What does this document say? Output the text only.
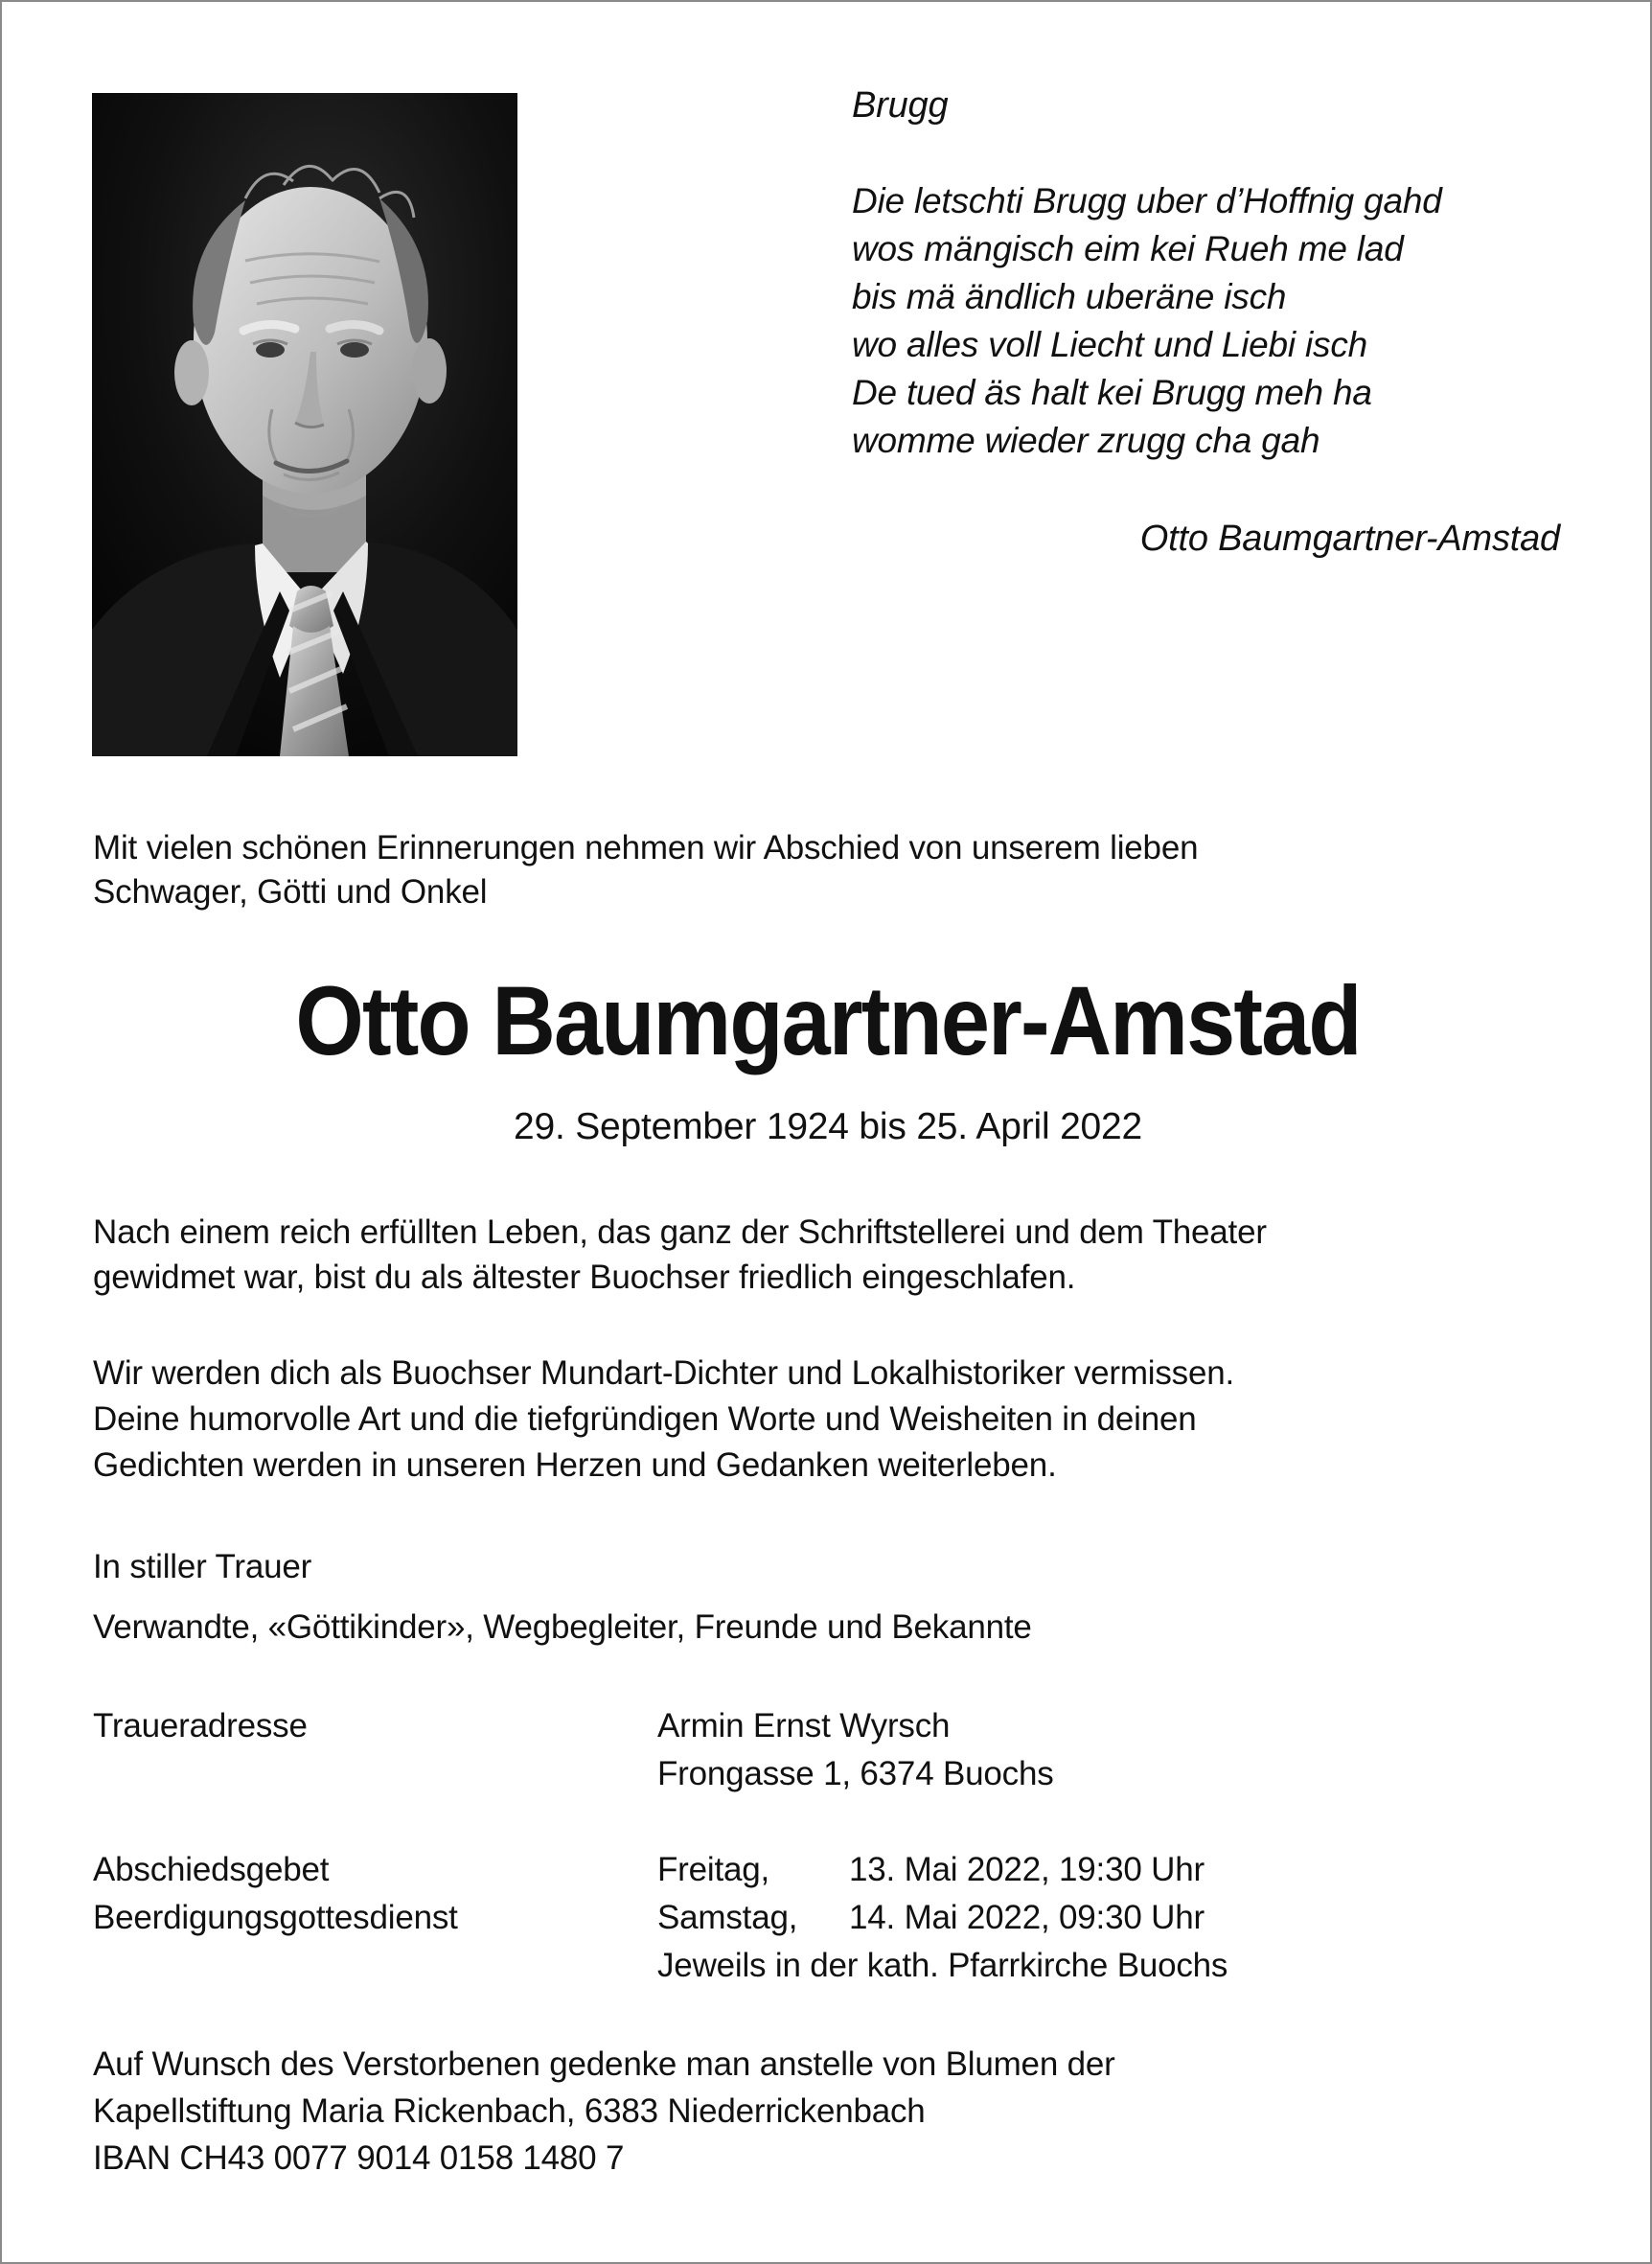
Brugg
Die letschti Brugg uber d’Hoffnig gahd
wos mängisch eim kei Rueh me lad
bis mä ändlich uberäne isch
wo alles voll Liecht und Liebi isch
De tued äs halt kei Brugg meh ha
womme wieder zrugg cha gah
Otto Baumgartner-Amstad
Mit vielen schönen Erinnerungen nehmen wir Abschied von unserem lieben
Schwager, Götti und Onkel
Otto Baumgartner-Amstad
29. September 1924 bis 25. April 2022
Nach einem reich erfüllten Leben, das ganz der Schriftstellerei und dem Theater
gewidmet war, bist du als ältester Buochser friedlich eingeschlafen.
Wir werden dich als Buochser Mundart-Dichter und Lokalhistoriker vermissen.
Deine humorvolle Art und die tiefgründigen Worte und Weisheiten in deinen
Gedichten werden in unseren Herzen und Gedanken weiterleben.
In stiller Trauer
Verwandte, «Göttikinder», Wegbegleiter, Freunde und Bekannte
Traueradresse	Armin Ernst Wyrsch
Frongasse 1, 6374 Buochs
Abschiedsgebet	Freitag, 13. Mai 2022, 19:30 Uhr
Beerdigungsgottesdienst	Samstag, 14. Mai 2022, 09:30 Uhr
Jeweils in der kath. Pfarrkirche Buochs
Auf Wunsch des Verstorbenen gedenke man anstelle von Blumen der
Kapellstiftung Maria Rickenbach, 6383 Niederrickenbach
IBAN CH43 0077 9014 0158 1480 7
